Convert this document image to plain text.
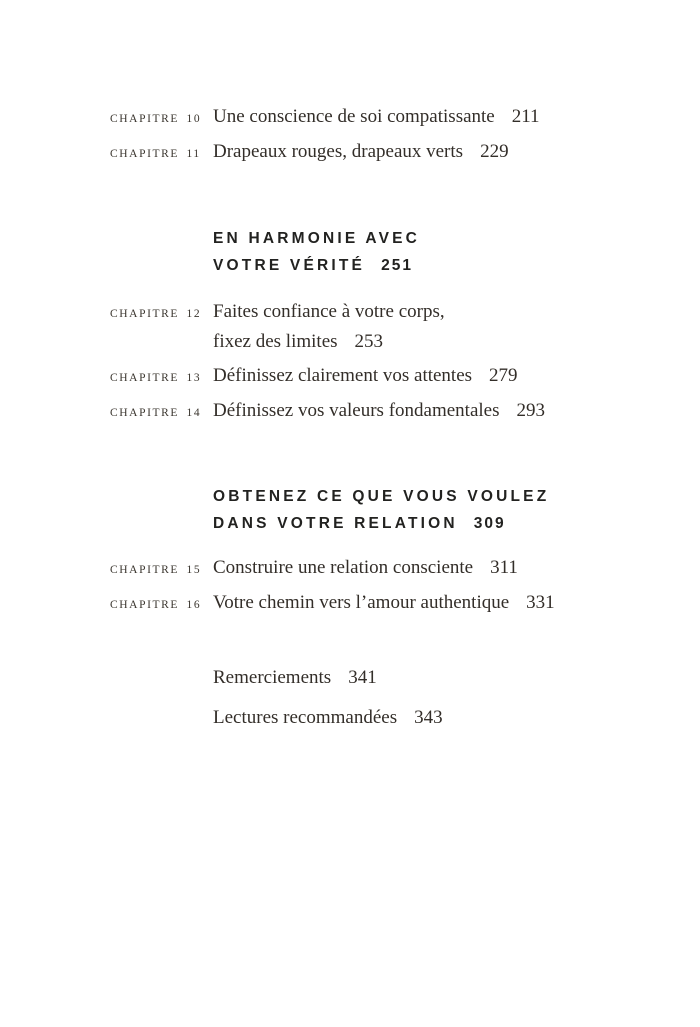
CHAPITRE 10 Une conscience de soi compatissante 211
CHAPITRE 11 Drapeaux rouges, drapeaux verts 229
EN HARMONIE AVEC
VOTRE VÉRITÉ 251
CHAPITRE 12 Faites confiance à votre corps,
fixez des limites 253
CHAPITRE 13 Définissez clairement vos attentes 279
CHAPITRE 14 Définissez vos valeurs fondamentales 293
OBTENEZ CE QUE VOUS VOULEZ
DANS VOTRE RELATION 309
CHAPITRE 15 Construire une relation consciente 311
CHAPITRE 16 Votre chemin vers l’amour authentique 331
Remerciements 341
Lectures recommandées 343
